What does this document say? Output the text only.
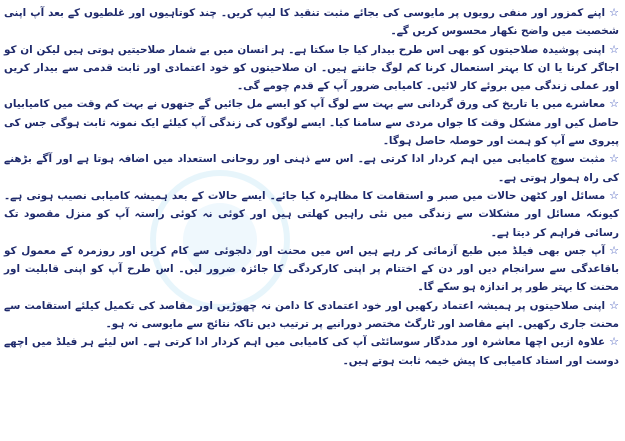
☆اپنے کمزور اور منفی رویوں پر مایوسی کی بجائے مثبت تنقید کا لیپ کریں۔ چند کوتاہیوں اور غلطیوں کے بعد آپ اپنی شخصیت میں واضح نکھار محسوس کریں گے۔

☆اپنی پوشیدہ صلاحیتوں کو بھی اس طرح بیدار کیا جا سکتا ہے۔ ہر انسان میں بے شمار صلاحیتیں ہوتی ہیں لیکن ان کو اجاگر کرنا یا ان کا بہتر استعمال کرنا کم لوگ جانتے ہیں۔ ان صلاحیتوں کو خود اعتمادی اور ثابت قدمی سے بیدار کریں اور عملی زندگی میں بروئے کار لائیں۔ کامیابی ضرور آپ کے قدم چومے گی۔

☆معاشرے میں یا تاریخ کی ورق گردانی سے بہت سے لوگ آپ کو ایسے مل جائیں گے جنھوں نے بہت کم وقت میں کامیابیاں حاصل کیں اور مشکل وقت کا جواں مردی سے سامنا کیا۔ ایسے لوگوں کی زندگی آپ کیلئے ایک نمونہ ثابت ہوگی جس کی پیروی سے آپ کو ہمت اور حوصلہ حاصل ہوگا۔

☆مثبت سوچ کامیابی میں اہم کردار ادا کرتی ہے۔ اس سے ذہنی اور روحانی استعداد میں اضافہ ہوتا ہے اور آگے بڑھنے کی راہ ہموار ہوتی ہے۔

☆مسائل اور کٹھن حالات میں صبر و استقامت کا مظاہرہ کیا جائے۔ ایسے حالات کے بعد ہمیشہ کامیابی نصیب ہوتی ہے۔ کیونکہ مسائل اور مشکلات سے زندگی میں نئی راہیں کھلتی ہیں اور کوئی نہ کوئی راستہ آپ کو منزل مقصود تک رسائی فراہم کر دیتا ہے۔

☆آپ جس بھی فیلڈ میں طبع آزمائی کر رہے ہیں اس میں محنت اور دلجوئی سے کام کریں اور روزمرہ کے معمول کو باقاعدگی سے سرانجام دیں اور دن کے اختتام پر اپنی کارکردگی کا جائزہ ضرور لیں۔ اس طرح آپ کو اپنی قابلیت اور محنت کا بہتر طور پر اندازہ ہو سکے گا۔

☆اپنی صلاحیتوں پر ہمیشہ اعتماد رکھیں اور خود اعتمادی کا دامن نہ چھوڑیں اور مقاصد کی تکمیل کیلئے استقامت سے محنت جاری رکھیں۔ اپنے مقاصد اور ٹارگٹ مختصر دورانیے پر ترتیب دیں تاکہ نتائج سے مایوسی نہ ہو۔

☆علاوہ ازیں اچھا معاشرہ اور مددگار سوسائٹی آپ کی کامیابی میں اہم کردار ادا کرتی ہے۔ اس لیئے ہر فیلڈ میں اچھے دوست اور استاد کامیابی کا پیش خیمہ ثابت ہوتے ہیں۔
